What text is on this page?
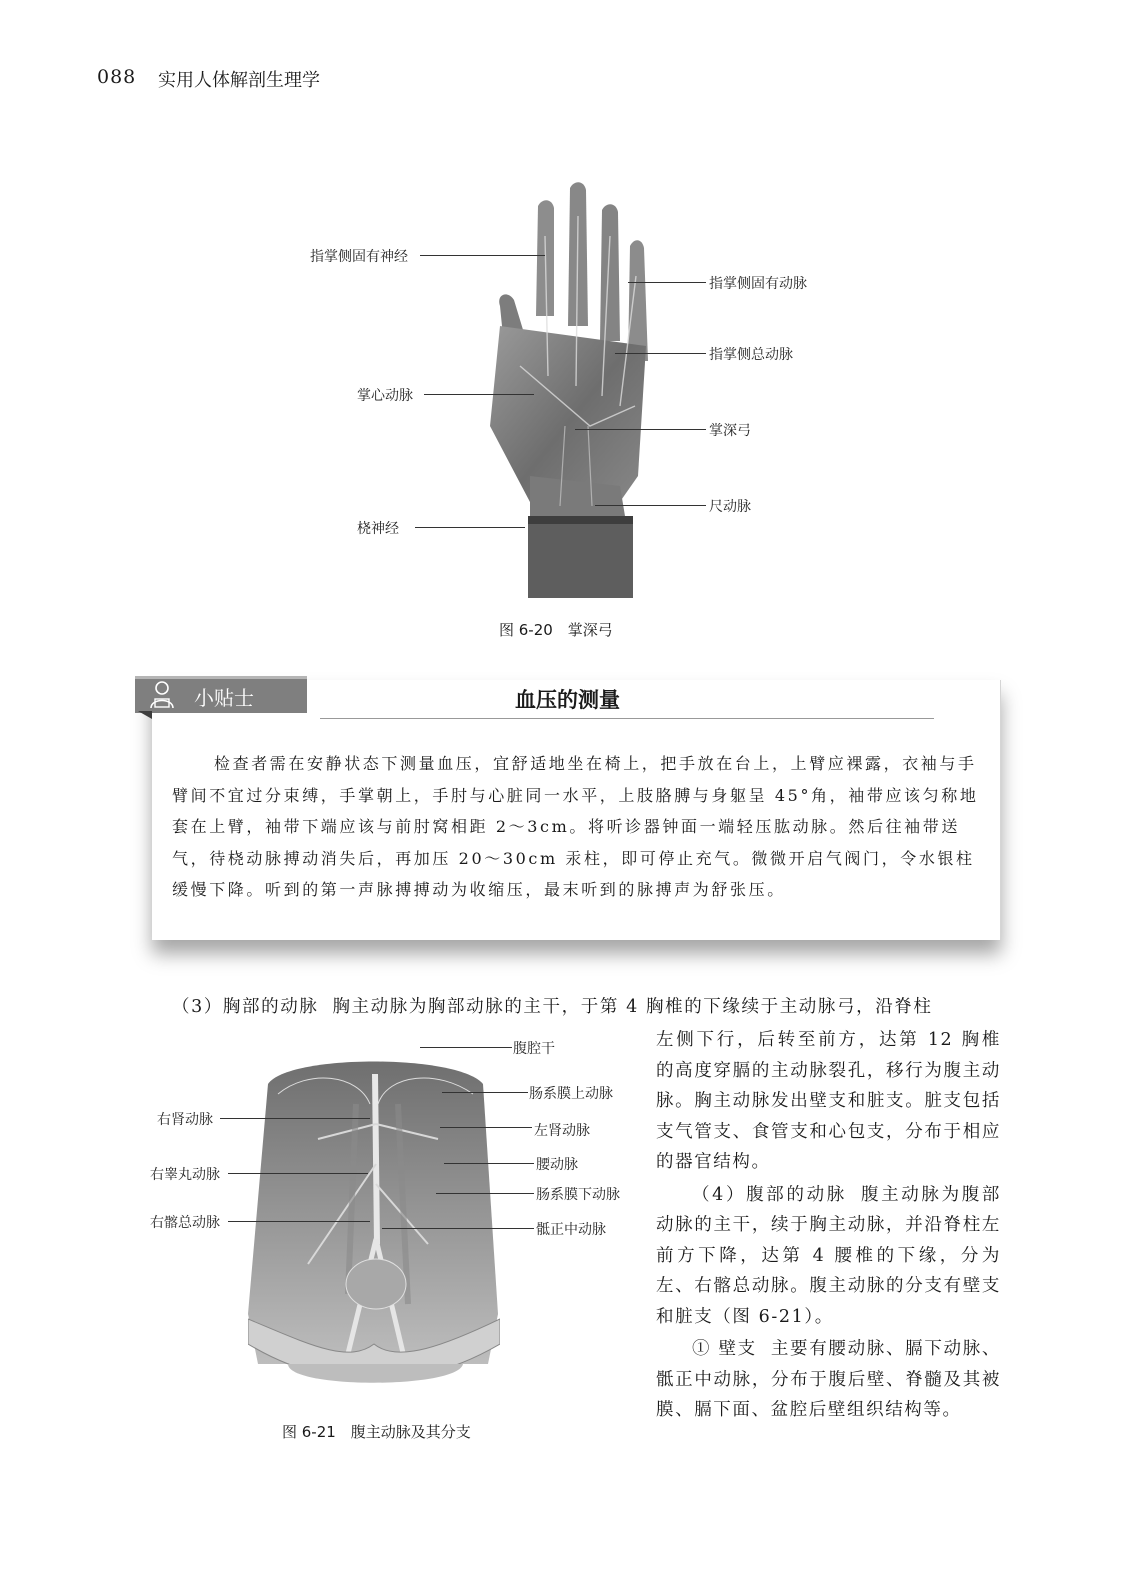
088 实用人体解剖生理学
指掌侧固有神经
掌心动脉
桡神经
指掌侧固有动脉
指掌侧总动脉
掌深弓
尺动脉
图 6-20　掌深弓
小贴士	血压的测量
检查者需在安静状态下测量血压，宜舒适地坐在椅上，把手放在台上，上臂应裸露，衣袖与手臂间不宜过分束缚，手掌朝上，手肘与心脏同一水平，上肢胳膊与身躯呈 45°角，袖带应该匀称地套在上臂，袖带下端应该与前肘窝相距 2～3cm。将听诊器钟面一端轻压肱动脉。然后往袖带送气，待桡动脉搏动消失后，再加压 20～30cm 汞柱，即可停止充气。微微开启气阀门，令水银柱缓慢下降。听到的第一声脉搏搏动为收缩压，最末听到的脉搏声为舒张压。
（3）胸部的动脉 胸主动脉为胸部动脉的主干，于第 4 胸椎的下缘续于主动脉弓，沿脊柱
左侧下行，后转至前方，达第 12 胸椎的高度穿膈的主动脉裂孔，移行为腹主动脉。胸主动脉发出壁支和脏支。脏支包括支气管支、食管支和心包支，分布于相应的器官结构。
（4）腹部的动脉 腹主动脉为腹部动脉的主干，续于胸主动脉，并沿脊柱左前方下降，达第 4 腰椎的下缘，分为左、右髂总动脉。腹主动脉的分支有壁支和脏支（图 6-21）。
① 壁支 主要有腰动脉、膈下动脉、骶正中动脉，分布于腹后壁、脊髓及其被膜、膈下面、盆腔后壁组织结构等。
腹腔干
肠系膜上动脉
左肾动脉
腰动脉
肠系膜下动脉
骶正中动脉
右肾动脉
右睾丸动脉
右髂总动脉
图 6-21　腹主动脉及其分支
